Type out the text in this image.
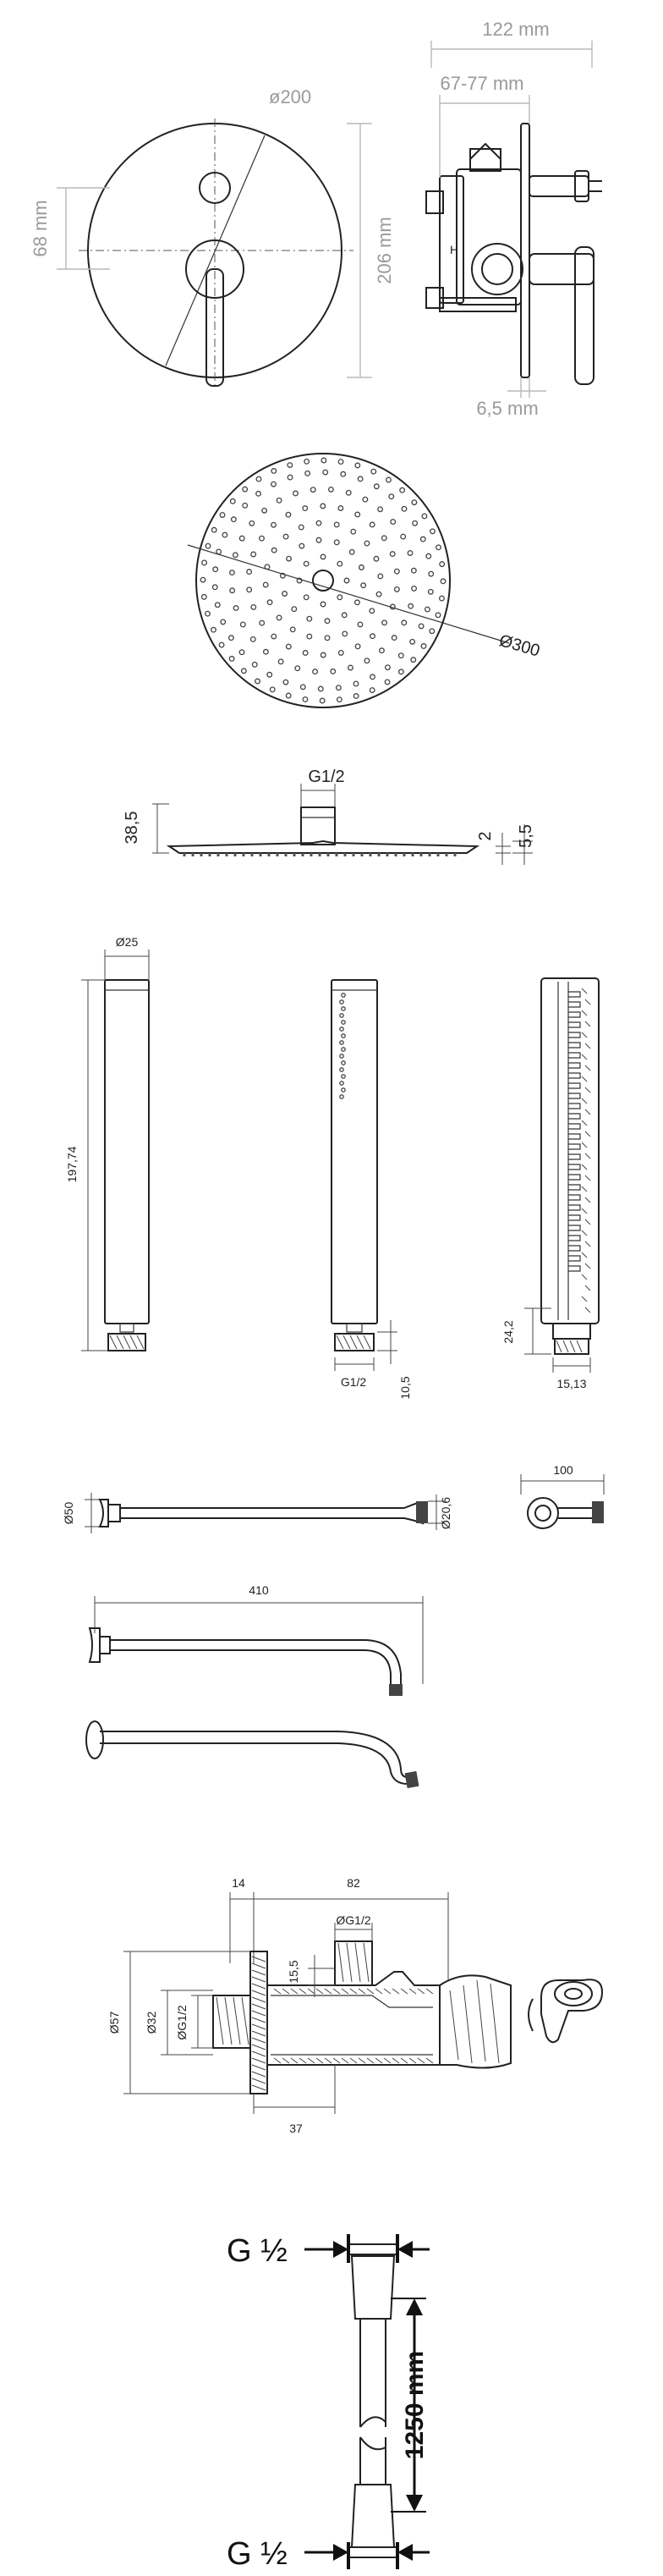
ø200
68 mm	206 mm	H
122 mm
67-77 mm
6,5 mm
Ø300
G1/2
38,5	2 5,5
Ø25
197,74
G1/2	10,5
24,2
15,13
Ø50	Ø20,6
100
410
14	82
ØG1/2
15,5
Ø57 Ø32 ØG1/2
37
G ½
G ½
1250 mm
